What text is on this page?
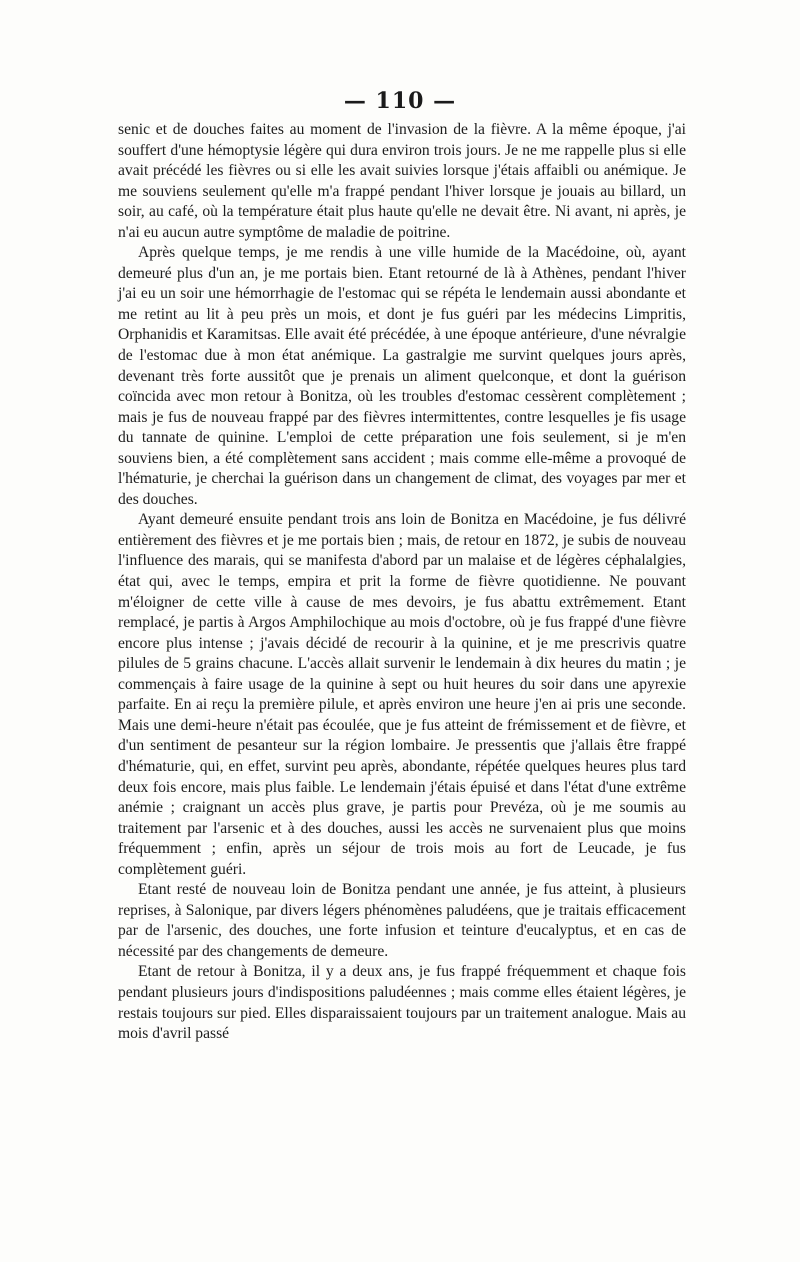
— 110 —

senic et de douches faites au moment de l'invasion de la fièvre. A la même époque, j'ai souffert d'une hémoptysie légère qui dura environ trois jours. Je ne me rappelle plus si elle avait précédé les fièvres ou si elle les avait suivies lorsque j'étais affaibli ou anémique. Je me souviens seulement qu'elle m'a frappé pendant l'hiver lorsque je jouais au billard, un soir, au café, où la température était plus haute qu'elle ne devait être. Ni avant, ni après, je n'ai eu aucun autre symptôme de maladie de poitrine.

Après quelque temps, je me rendis à une ville humide de la Macédoine, où, ayant demeuré plus d'un an, je me portais bien. Etant retourné de là à Athènes, pendant l'hiver j'ai eu un soir une hémorrhagie de l'estomac qui se répéta le lendemain aussi abondante et me retint au lit à peu près un mois, et dont je fus guéri par les médecins Limpritis, Orphanidis et Karamitsas. Elle avait été précédée, à une époque antérieure, d'une névralgie de l'estomac due à mon état anémique. La gastralgie me survint quelques jours après, devenant très forte aussitôt que je prenais un aliment quelconque, et dont la guérison coïncida avec mon retour à Bonitza, où les troubles d'estomac cessèrent complètement ; mais je fus de nouveau frappé par des fièvres intermittentes, contre lesquelles je fis usage du tannate de quinine. L'emploi de cette préparation une fois seulement, si je m'en souviens bien, a été complètement sans accident ; mais comme elle-même a provoqué de l'hématurie, je cherchai la guérison dans un changement de climat, des voyages par mer et des douches.

Ayant demeuré ensuite pendant trois ans loin de Bonitza en Macédoine, je fus délivré entièrement des fièvres et je me portais bien ; mais, de retour en 1872, je subis de nouveau l'influence des marais, qui se manifesta d'abord par un malaise et de légères céphalalgies, état qui, avec le temps, empira et prit la forme de fièvre quotidienne. Ne pouvant m'éloigner de cette ville à cause de mes devoirs, je fus abattu extrêmement. Etant remplacé, je partis à Argos Amphilochique au mois d'octobre, où je fus frappé d'une fièvre encore plus intense ; j'avais décidé de recourir à la quinine, et je me prescrivis quatre pilules de 5 grains chacune. L'accès allait survenir le lendemain à dix heures du matin ; je commençais à faire usage de la quinine à sept ou huit heures du soir dans une apyrexie parfaite. En ai reçu la première pilule, et après environ une heure j'en ai pris une seconde. Mais une demi-heure n'était pas écoulée, que je fus atteint de frémissement et de fièvre, et d'un sentiment de pesanteur sur la région lombaire. Je pressentis que j'allais être frappé d'hématurie, qui, en effet, survint peu après, abondante, répétée quelques heures plus tard deux fois encore, mais plus faible. Le lendemain j'étais épuisé et dans l'état d'une extrême anémie ; craignant un accès plus grave, je partis pour Prevéza, où je me soumis au traitement par l'arsenic et à des douches, aussi les accès ne survenaient plus que moins fréquemment ; enfin, après un séjour de trois mois au fort de Leucade, je fus complètement guéri.

Etant resté de nouveau loin de Bonitza pendant une année, je fus atteint, à plusieurs reprises, à Salonique, par divers légers phénomènes paludéens, que je traitais efficacement par de l'arsenic, des douches, une forte infusion et teinture d'eucalyptus, et en cas de nécessité par des changements de demeure.

Etant de retour à Bonitza, il y a deux ans, je fus frappé fréquemment et chaque fois pendant plusieurs jours d'indispositions paludéennes ; mais comme elles étaient légères, je restais toujours sur pied. Elles disparaissaient toujours par un traitement analogue. Mais au mois d'avril passé
